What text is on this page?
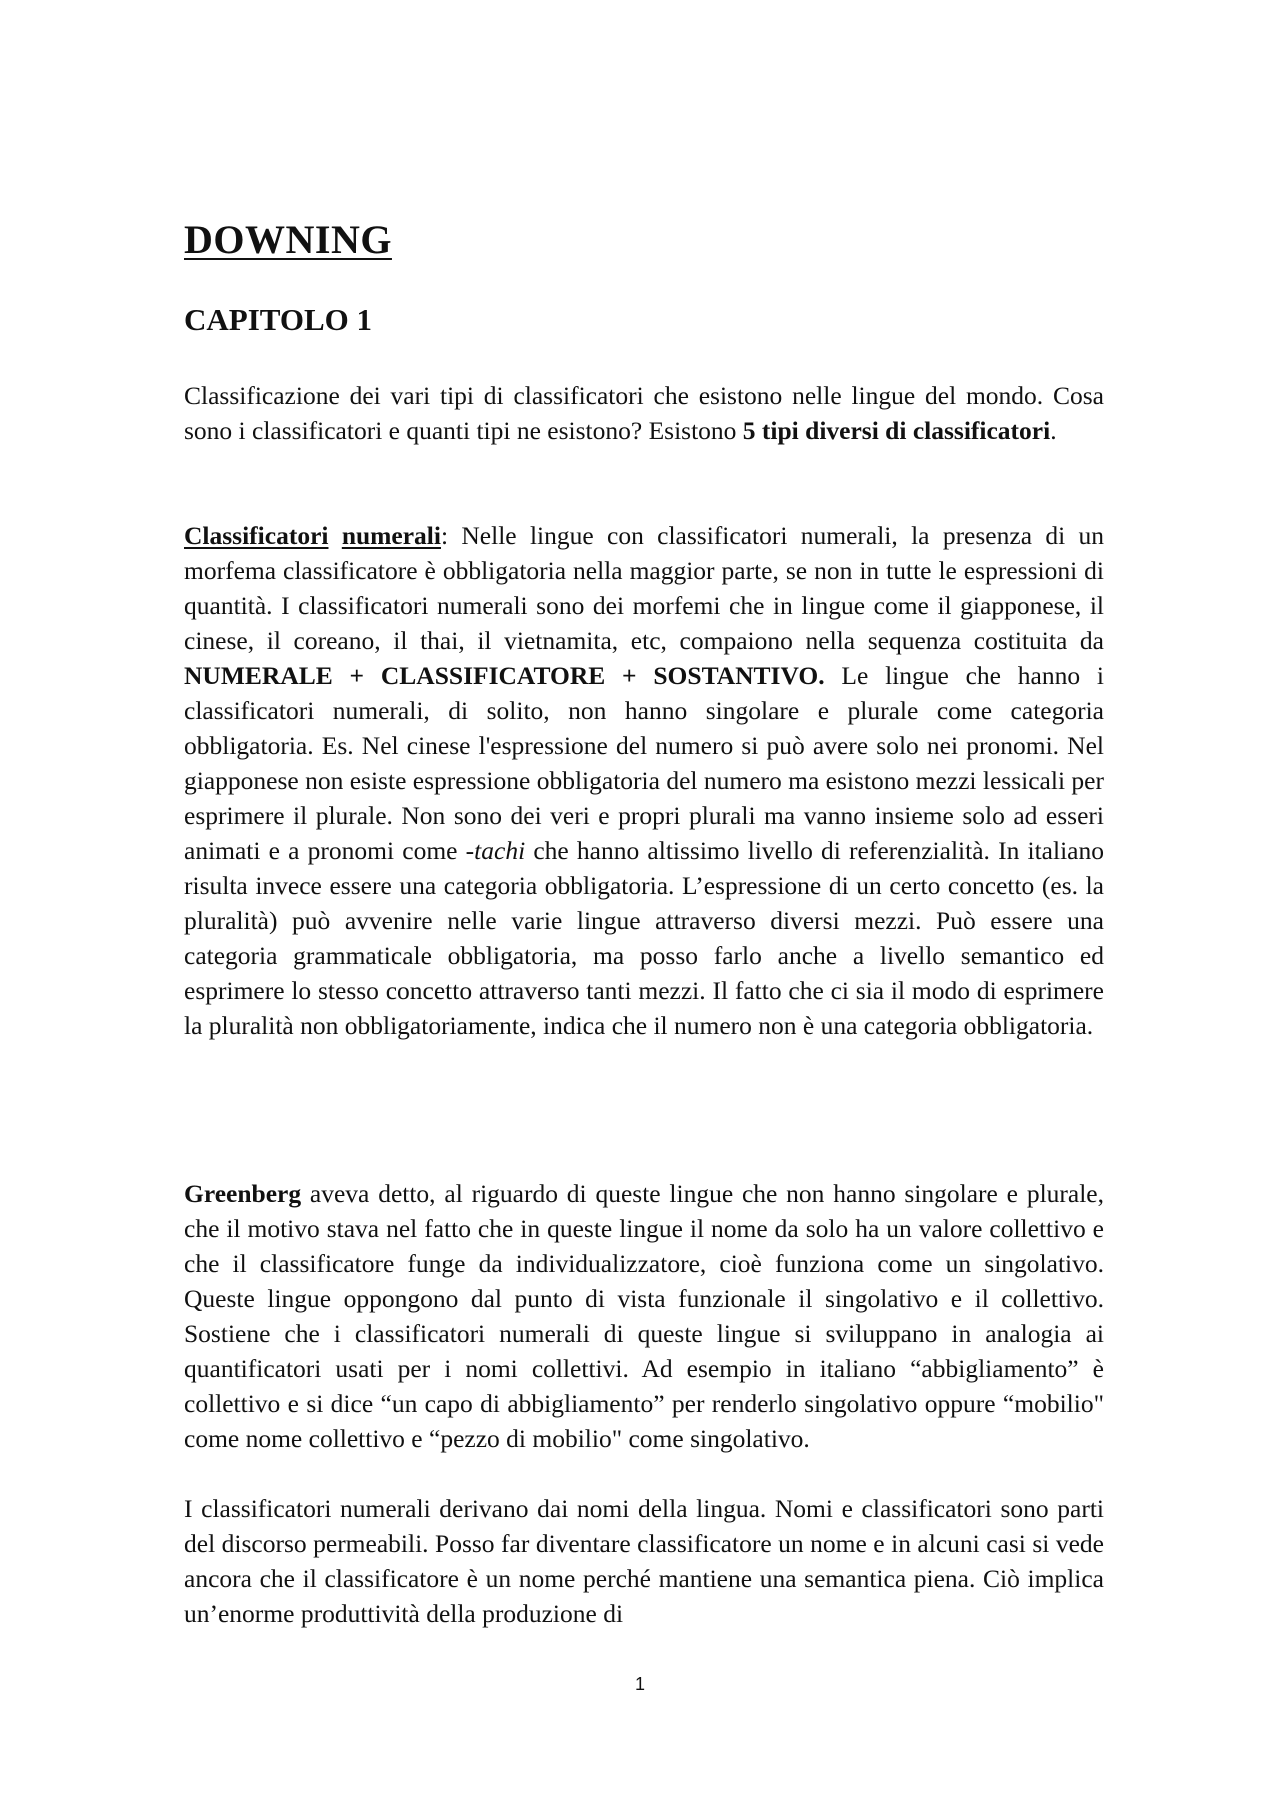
DOWNING
CAPITOLO 1

Classificazione dei vari tipi di classificatori che esistono nelle lingue del mondo. Cosa sono i classificatori e quanti tipi ne esistono? Esistono 5 tipi diversi di classificatori.

Classificatori numerali: Nelle lingue con classificatori numerali, la presenza di un morfema classificatore è obbligatoria nella maggior parte, se non in tutte le espressioni di quantità. I classificatori numerali sono dei morfemi che in lingue come il giapponese, il cinese, il coreano, il thai, il vietnamita, etc, compaiono nella sequenza costituita da NUMERALE + CLASSIFICATORE + SOSTANTIVO. Le lingue che hanno i classificatori numerali, di solito, non hanno singolare e plurale come categoria obbligatoria. Es. Nel cinese l'espressione del numero si può avere solo nei pronomi. Nel giapponese non esiste espressione obbligatoria del numero ma esistono mezzi lessicali per esprimere il plurale. Non sono dei veri e propri plurali ma vanno insieme solo ad esseri animati e a pronomi come -tachi che hanno altissimo livello di referenzialità. In italiano risulta invece essere una categoria obbligatoria. L’espressione di un certo concetto (es. la pluralità) può avvenire nelle varie lingue attraverso diversi mezzi. Può essere una categoria grammaticale obbligatoria, ma posso farlo anche a livello semantico ed esprimere lo stesso concetto attraverso tanti mezzi. Il fatto che ci sia il modo di esprimere la pluralità non obbligatoriamente, indica che il numero non è una categoria obbligatoria.

Greenberg aveva detto, al riguardo di queste lingue che non hanno singolare e plurale, che il motivo stava nel fatto che in queste lingue il nome da solo ha un valore collettivo e che il classificatore funge da individualizzatore, cioè funziona come un singolativo. Queste lingue oppongono dal punto di vista funzionale il singolativo e il collettivo. Sostiene che i classificatori numerali di queste lingue si sviluppano in analogia ai quantificatori usati per i nomi collettivi. Ad esempio in italiano “abbigliamento” è collettivo e si dice “un capo di abbigliamento” per renderlo singolativo oppure “mobilio" come nome collettivo e “pezzo di mobilio" come singolativo.

I classificatori numerali derivano dai nomi della lingua. Nomi e classificatori sono parti del discorso permeabili. Posso far diventare classificatore un nome e in alcuni casi si vede ancora che il classificatore è un nome perché mantiene una semantica piena. Ciò implica un’enorme produttività della produzione di

1
